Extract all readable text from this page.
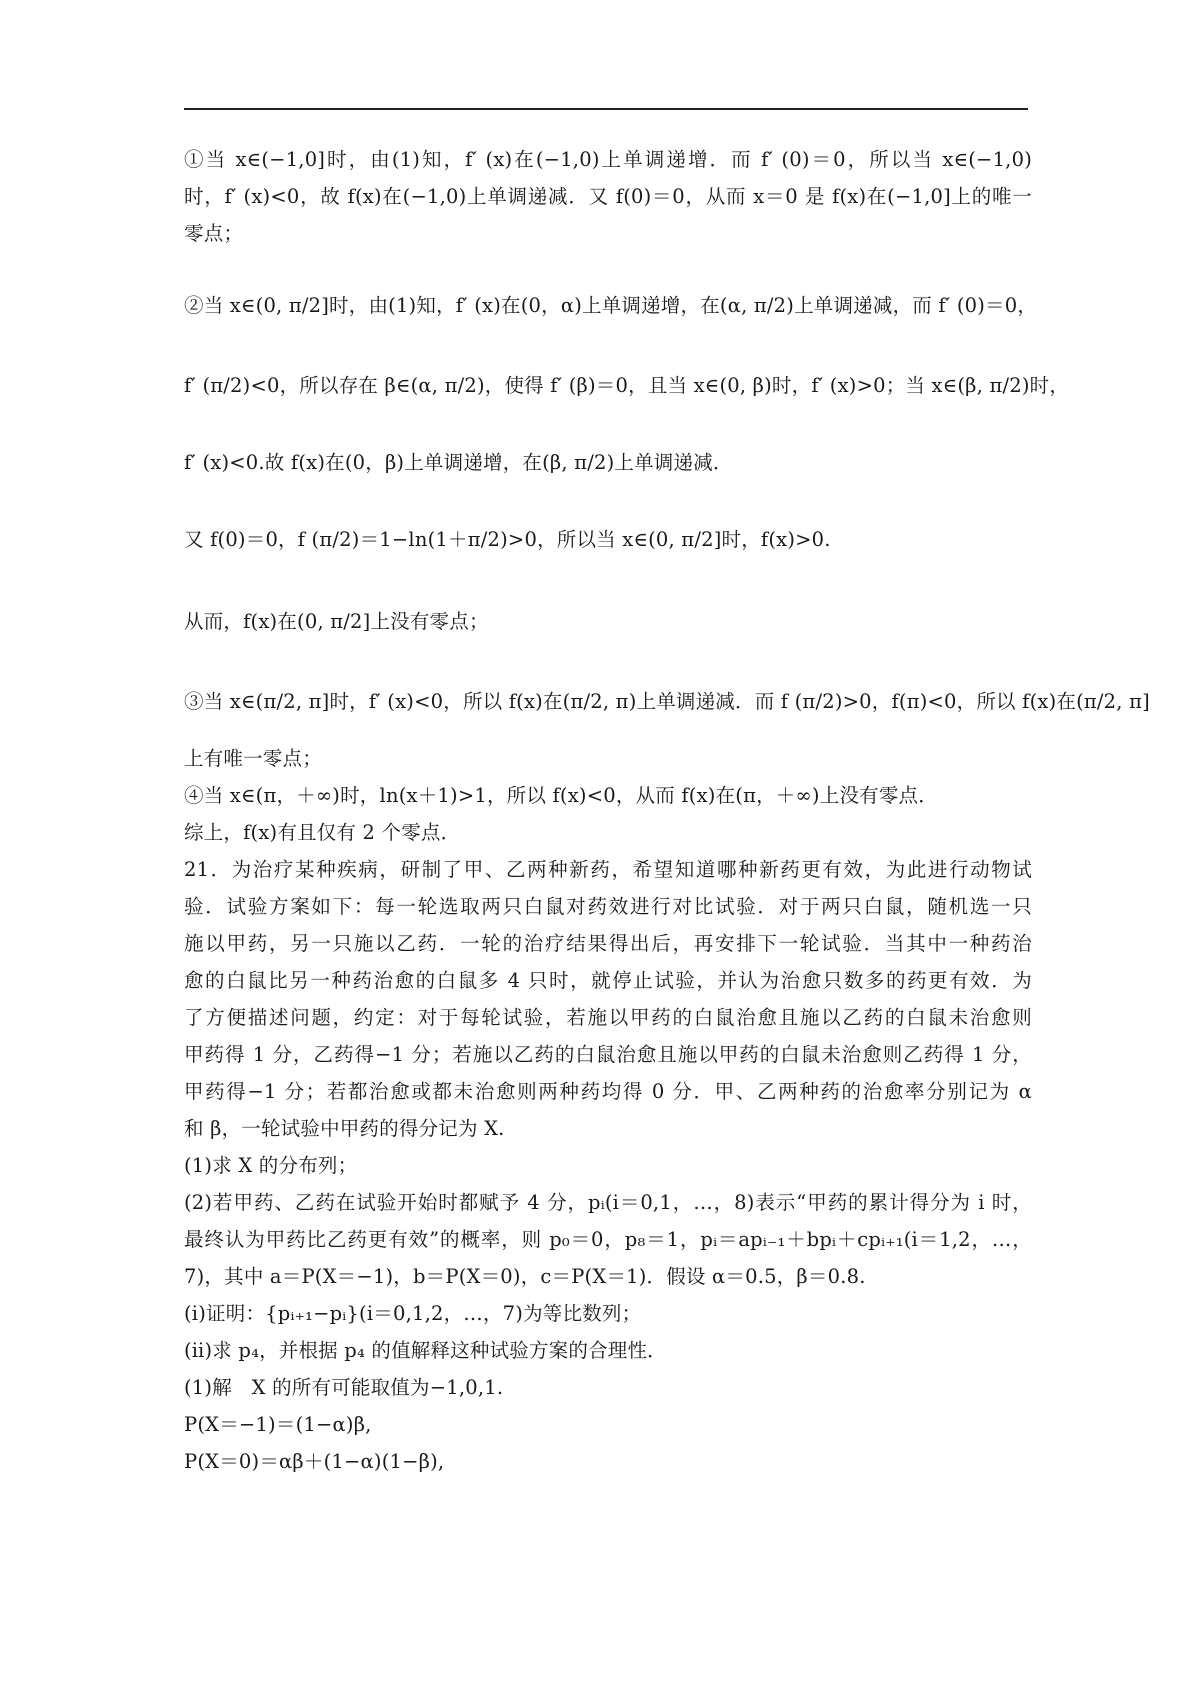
①当 x∈(−1,0]时，由(1)知，f′ (x)在(−1,0)上单调递增．而 f′ (0)＝0，所以当 x∈(−1,0)
时，f′ (x)<0，故 f(x)在(−1,0)上单调递减．又 f(0)＝0，从而 x＝0 是 f(x)在(−1,0]上的唯一
零点；
②当 x∈(0, π/2]时，由(1)知，f′ (x)在(0，α)上单调递增，在(α, π/2)上单调递减，而 f′ (0)＝0，
f′ (π/2)<0，所以存在 β∈(α, π/2)，使得 f′ (β)＝0，且当 x∈(0, β)时，f′ (x)>0；当 x∈(β, π/2)时，
f′ (x)<0.故 f(x)在(0，β)上单调递增，在(β, π/2)上单调递减．
又 f(0)＝0，f (π/2)＝1−ln(1＋π/2)>0，所以当 x∈(0, π/2]时，f(x)>0.
从而，f(x)在(0, π/2]上没有零点；
③当 x∈(π/2, π]时，f′ (x)<0，所以 f(x)在(π/2, π)上单调递减．而 f (π/2)>0，f(π)<0，所以 f(x)在(π/2, π]
上有唯一零点；
④当 x∈(π，＋∞)时，ln(x＋1)>1，所以 f(x)<0，从而 f(x)在(π，＋∞)上没有零点．
综上，f(x)有且仅有 2 个零点．
21．为治疗某种疾病，研制了甲、乙两种新药，希望知道哪种新药更有效，为此进行动物试
验．试验方案如下：每一轮选取两只白鼠对药效进行对比试验．对于两只白鼠，随机选一只
施以甲药，另一只施以乙药．一轮的治疗结果得出后，再安排下一轮试验．当其中一种药治
愈的白鼠比另一种药治愈的白鼠多 4 只时，就停止试验，并认为治愈只数多的药更有效．为
了方便描述问题，约定：对于每轮试验，若施以甲药的白鼠治愈且施以乙药的白鼠未治愈则
甲药得 1 分，乙药得−1 分；若施以乙药的白鼠治愈且施以甲药的白鼠未治愈则乙药得 1 分，
甲药得−1 分；若都治愈或都未治愈则两种药均得 0 分．甲、乙两种药的治愈率分别记为 α
和 β，一轮试验中甲药的得分记为 X.
(1)求 X 的分布列；
(2)若甲药、乙药在试验开始时都赋予 4 分，pᵢ(i＝0,1，…，8)表示“甲药的累计得分为 i 时，
最终认为甲药比乙药更有效”的概率，则 p₀＝0，p₈＝1，pᵢ＝apᵢ₋₁＋bpᵢ＋cpᵢ₊₁(i＝1,2，…，
7)，其中 a＝P(X＝−1)，b＝P(X＝0)，c＝P(X＝1)．假设 α＝0.5，β＝0.8.
(ⅰ)证明：{pᵢ₊₁−pᵢ}(i＝0,1,2，…，7)为等比数列；
(ⅱ)求 p₄，并根据 p₄ 的值解释这种试验方案的合理性．
(1)解　X 的所有可能取值为−1,0,1.
P(X＝−1)＝(1−α)β,
P(X＝0)＝αβ＋(1−α)(1−β),
